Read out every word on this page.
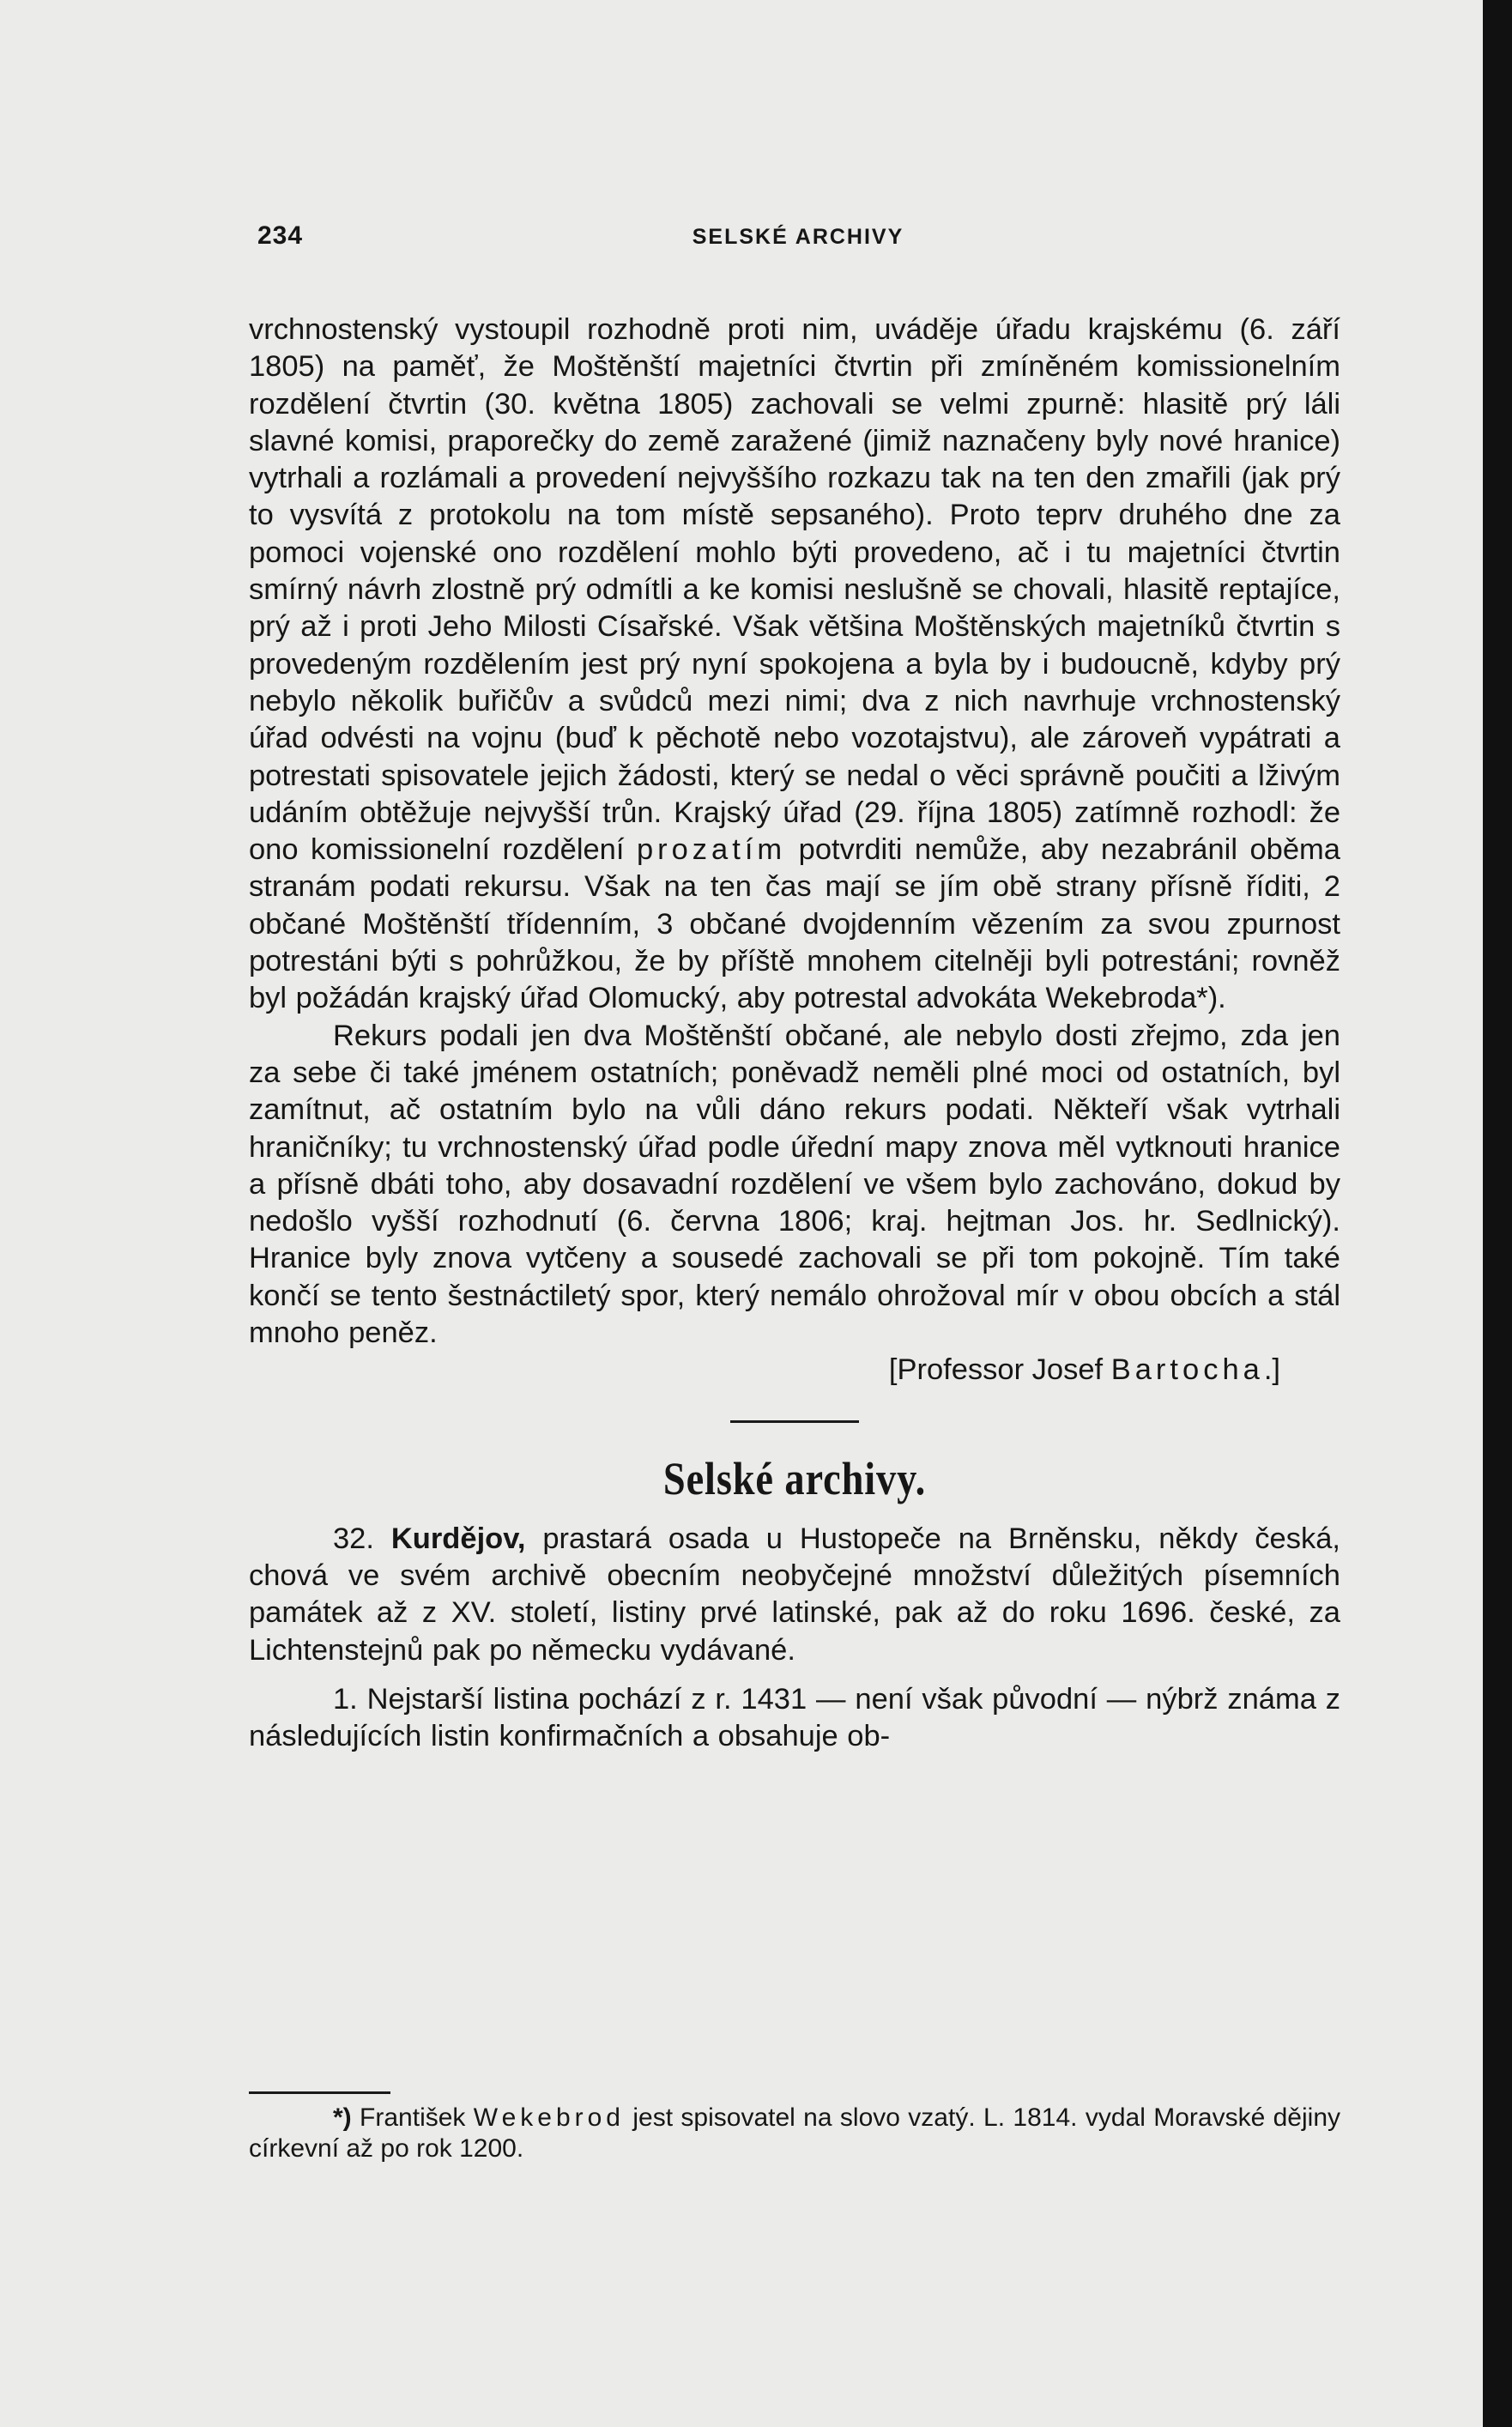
234	SELSKÉ ARCHIVY

vrchnostenský vystoupil rozhodně proti nim, uváděje úřadu krajskému (6. září 1805) na paměť, že Moštěnští majetníci čtvrtin při zmíněném komissionelním rozdělení čtvrtin (30. května 1805) zachovali se velmi zpurně: hlasitě prý láli slavné komisi, praporečky do země zaražené (jimiž naznačeny byly nové hranice) vytrhali a rozlámali a provedení nejvyššího rozkazu tak na ten den zmařili (jak prý to vysvítá z protokolu na tom místě sepsaného). Proto teprv druhého dne za pomoci vojenské ono rozdělení mohlo býti provedeno, ač i tu majetníci čtvrtin smírný návrh zlostně prý odmítli a ke komisi neslušně se chovali, hlasitě reptajíce, prý až i proti Jeho Milosti Císařské. Však většina Moštěnských majetníků čtvrtin s provedeným rozdělením jest prý nyní spokojena a byla by i budoucně, kdyby prý nebylo několik buřičův a svůdců mezi nimi; dva z nich navrhuje vrchnostenský úřad odvésti na vojnu (buď k pěchotě nebo vozotajstvu), ale zároveň vypátrati a potrestati spisovatele jejich žádosti, který se nedal o věci správně poučiti a lživým udáním obtěžuje nejvyšší trůn. Krajský úřad (29. října 1805) zatímně rozhodl: že ono komissionelní rozdělení prozatím potvrditi nemůže, aby nezabránil oběma stranám podati rekursu. Však na ten čas mají se jím obě strany přísně říditi, 2 občané Moštěnští třídenním, 3 občané dvojdenním vězením za svou zpurnost potrestáni býti s pohrůžkou, že by příště mnohem citelněji byli potrestáni; rovněž byl požádán krajský úřad Olomucký, aby potrestal advokáta Wekebroda*).

Rekurs podali jen dva Moštěnští občané, ale nebylo dosti zřejmo, zda jen za sebe či také jménem ostatních; poněvadž neměli plné moci od ostatních, byl zamítnut, ač ostatním bylo na vůli dáno rekurs podati. Někteří však vytrhali hraničníky; tu vrchnostenský úřad podle úřední mapy znova měl vytknouti hranice a přísně dbáti toho, aby dosavadní rozdělení ve všem bylo zachováno, dokud by nedošlo vyšší rozhodnutí (6. června 1806; kraj. hejtman Jos. hr. Sedlnický). Hranice byly znova vytčeny a sousedé zachovali se při tom pokojně. Tím také končí se tento šestnáctiletý spor, který nemálo ohrožoval mír v obou obcích a stál mnoho peněz.

[Professor Josef Bartocha.]

Selské archivy.

32. Kurdějov, prastará osada u Hustopeče na Brněnsku, někdy česká, chová ve svém archivě obecním neobyčejné množství důležitých písemních památek až z XV. století, listiny prvé latinské, pak až do roku 1696. české, za Lichtenstejnů pak po německu vydávané.

1. Nejstarší listina pochází z r. 1431 — není však původní — nýbrž známa z následujících listin konfirmačních a obsahuje ob-

*) František Wekebrod jest spisovatel na slovo vzatý. L. 1814. vydal Moravské dějiny církevní až po rok 1200.
